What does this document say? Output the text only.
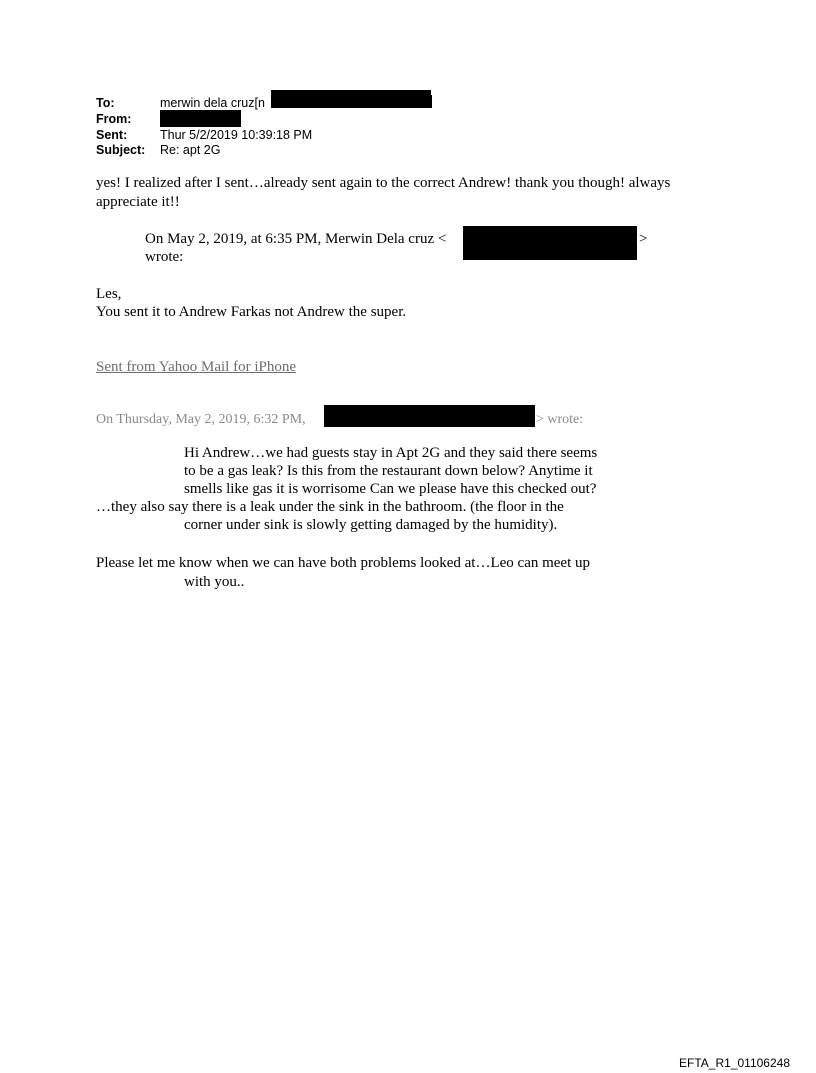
To:	merwin dela cruz[n
From:
Sent:	Thur 5/2/2019 10:39:18 PM
Subject: Re: apt 2G
yes! I realized after I sent…already sent again to the correct Andrew! thank you though! always
appreciate it!!
On May 2, 2019, at 6:35 PM, Merwin Dela cruz <	>
wrote:
Les,
You sent it to Andrew Farkas not Andrew the super.
Sent from Yahoo Mail for iPhone
On Thursday, May 2, 2019, 6:32 PM,	> wrote:
Hi Andrew…we had guests stay in Apt 2G and they said there seems
to be a gas leak? Is this from the restaurant down below? Anytime it
smells like gas it is worrisome Can we please have this checked out?
…they also say there is a leak under the sink in the bathroom. (the floor in the
corner under sink is slowly getting damaged by the humidity).
Please let me know when we can have both problems looked at…Leo can meet up
with you..
EFTA_R1_01106248
